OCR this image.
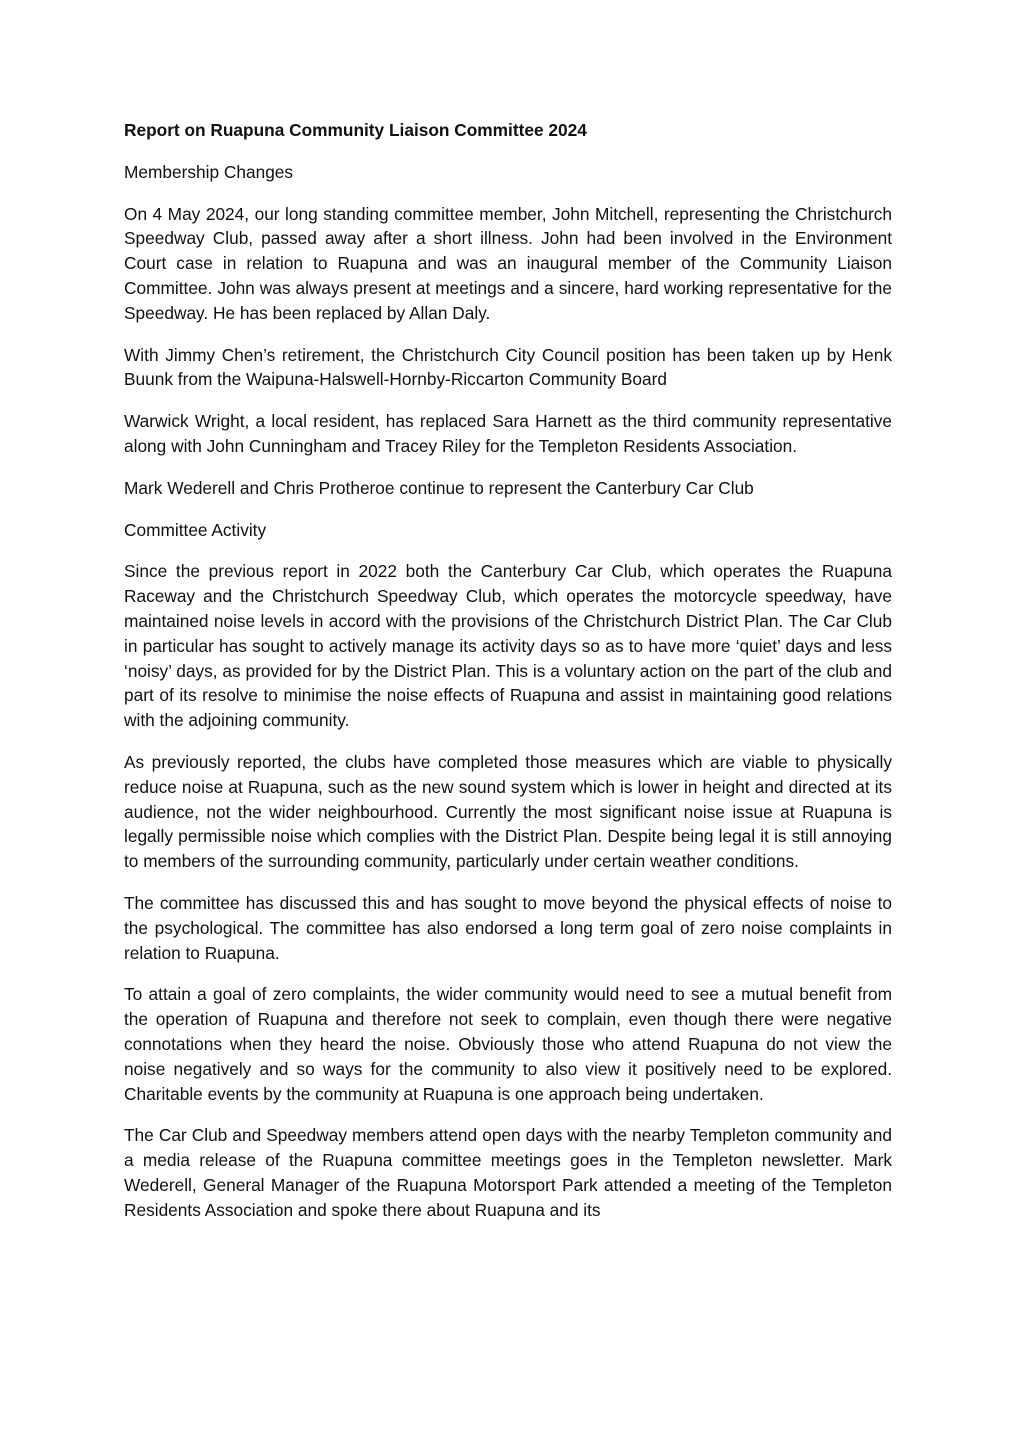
Report on Ruapuna Community Liaison Committee 2024

Membership Changes

On 4 May 2024, our long standing committee member, John Mitchell, representing the Christchurch Speedway Club, passed away after a short illness. John had been involved in the Environment Court case in relation to Ruapuna and was an inaugural member of the Community Liaison Committee. John was always present at meetings and a sincere, hard working representative for the Speedway. He has been replaced by Allan Daly.

With Jimmy Chen’s retirement, the Christchurch City Council position has been taken up by Henk Buunk from the Waipuna-Halswell-Hornby-Riccarton Community Board

Warwick Wright, a local resident, has replaced Sara Harnett as the third community representative along with John Cunningham and Tracey Riley for the Templeton Residents Association.

Mark Wederell and Chris Protheroe continue to represent the Canterbury Car Club

Committee Activity

Since the previous report in 2022 both the Canterbury Car Club, which operates the Ruapuna Raceway and the Christchurch Speedway Club, which operates the motorcycle speedway, have maintained noise levels in accord with the provisions of the Christchurch District Plan. The Car Club in particular has sought to actively manage its activity days so as to have more ‘quiet’ days and less ‘noisy’ days, as provided for by the District Plan. This is a voluntary action on the part of the club and part of its resolve to minimise the noise effects of Ruapuna and assist in maintaining good relations with the adjoining community.

As previously reported, the clubs have completed those measures which are viable to physically reduce noise at Ruapuna, such as the new sound system which is lower in height and directed at its audience, not the wider neighbourhood. Currently the most significant noise issue at Ruapuna is legally permissible noise which complies with the District Plan. Despite being legal it is still annoying to members of the surrounding community, particularly under certain weather conditions.

The committee has discussed this and has sought to move beyond the physical effects of noise to the psychological. The committee has also endorsed a long term goal of zero noise complaints in relation to Ruapuna.

To attain a goal of zero complaints, the wider community would need to see a mutual benefit from the operation of Ruapuna and therefore not seek to complain, even though there were negative connotations when they heard the noise. Obviously those who attend Ruapuna do not view the noise negatively and so ways for the community to also view it positively need to be explored. Charitable events by the community at Ruapuna is one approach being undertaken.

The Car Club and Speedway members attend open days with the nearby Templeton community and a media release of the Ruapuna committee meetings goes in the Templeton newsletter. Mark Wederell, General Manager of the Ruapuna Motorsport Park attended a meeting of the Templeton Residents Association and spoke there about Ruapuna and its
